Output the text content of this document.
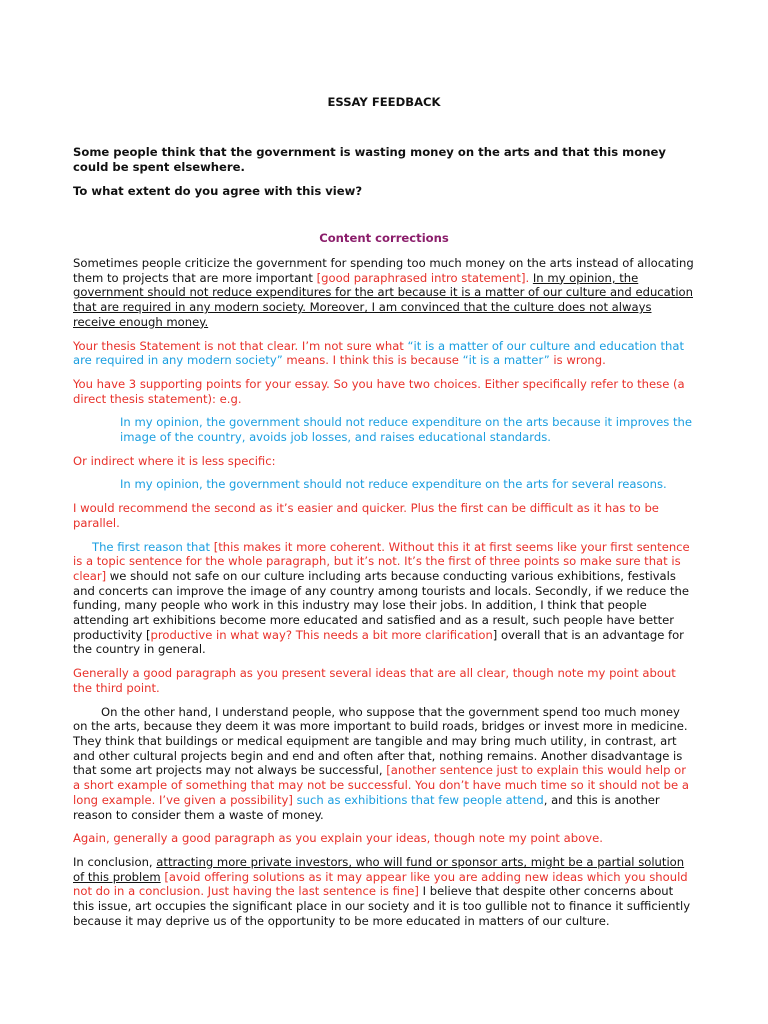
ESSAY FEEDBACK

Some people think that the government is wasting money on the arts and that this money could be spent elsewhere.

To what extent do you agree with this view?

Content corrections

Sometimes people criticize the government for spending too much money on the arts instead of allocating them to projects that are more important [good paraphrased intro statement]. In my opinion, the government should not reduce expenditures for the art because it is a matter of our culture and education that are required in any modern society. Moreover, I am convinced that the culture does not always receive enough money.

Your thesis Statement is not that clear. I’m not sure what “it is a matter of our culture and education that are required in any modern society” means. I think this is because “it is a matter” is wrong.

You have 3 supporting points for your essay. So you have two choices. Either specifically refer to these (a direct thesis statement): e.g.

In my opinion, the government should not reduce expenditure on the arts because it improves the image of the country, avoids job losses, and raises educational standards.

Or indirect where it is less specific:

In my opinion, the government should not reduce expenditure on the arts for several reasons.

I would recommend the second as it’s easier and quicker. Plus the first can be difficult as it has to be parallel.

The first reason that [this makes it more coherent. Without this it at first seems like your first sentence is a topic sentence for the whole paragraph, but it’s not. It’s the first of three points so make sure that is clear] we should not safe on our culture including arts because conducting various exhibitions, festivals and concerts can improve the image of any country among tourists and locals. Secondly, if we reduce the funding, many people who work in this industry may lose their jobs. In addition, I think that people attending art exhibitions become more educated and satisfied and as a result, such people have better productivity [productive in what way? This needs a bit more clarification] overall that is an advantage for the country in general.

Generally a good paragraph as you present several ideas that are all clear, though note my point about the third point.

On the other hand, I understand people, who suppose that the government spend too much money on the arts, because they deem it was more important to build roads, bridges or invest more in medicine. They think that buildings or medical equipment are tangible and may bring much utility, in contrast, art and other cultural projects begin and end and often after that, nothing remains. Another disadvantage is that some art projects may not always be successful, [another sentence just to explain this would help or a short example of something that may not be successful. You don’t have much time so it should not be a long example. I’ve given a possibility] such as exhibitions that few people attend, and this is another reason to consider them a waste of money.

Again, generally a good paragraph as you explain your ideas, though note my point above.

In conclusion, attracting more private investors, who will fund or sponsor arts, might be a partial solution of this problem [avoid offering solutions as it may appear like you are adding new ideas which you should not do in a conclusion. Just having the last sentence is fine] I believe that despite other concerns about this issue, art occupies the significant place in our society and it is too gullible not to finance it sufficiently because it may deprive us of the opportunity to be more educated in matters of our culture.
